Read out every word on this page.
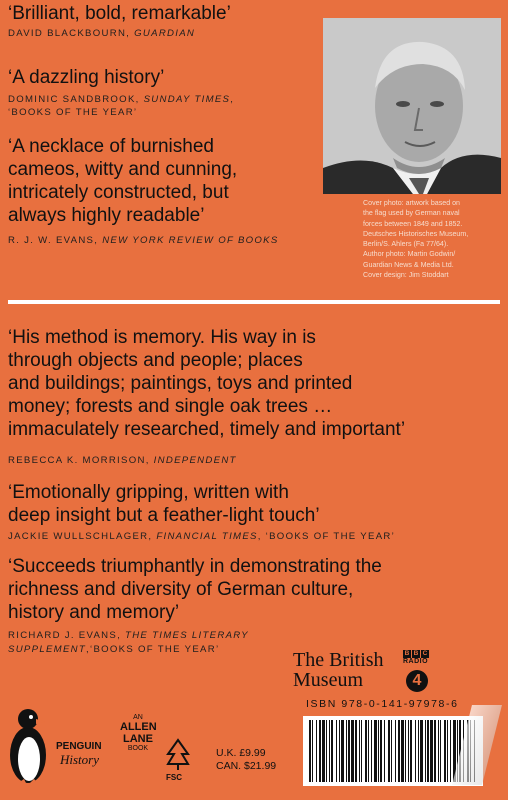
‘Brilliant, bold, remarkable’
DAVID BLACKBOURN, GUARDIAN
‘A dazzling history’
DOMINIC SANDBROOK, SUNDAY TIMES,
‘BOOKS OF THE YEAR’
‘A necklace of burnished
cameos, witty and cunning,
intricately constructed, but
always highly readable’
R. J. W. EVANS, NEW YORK REVIEW OF BOOKS
Cover photo: artwork based on
the flag used by German naval
forces between 1849 and 1852.
Deutsches Historisches Museum,
Berlin/S. Ahlers (Fa 77/64).
Author photo: Martin Godwin/
Guardian News & Media Ltd.
Cover design: Jim Stoddart
‘His method is memory. His way in is
through objects and people; places
and buildings; paintings, toys and printed
money; forests and single oak trees …
immaculately researched, timely and important’
REBECCA K. MORRISON, INDEPENDENT
‘Emotionally gripping, written with
deep insight but a feather-light touch’
JACKIE WULLSCHLAGER, FINANCIAL TIMES, ‘BOOKS OF THE YEAR’
‘Succeeds triumphantly in demonstrating the
richness and diversity of German culture,
history and memory’
RICHARD J. EVANS, THE TIMES LITERARY
SUPPLEMENT,‘BOOKS OF THE YEAR’	The British
Museum
B B C
RADIO
4
ISBN 978-0-141-97978-6
PENGUIN
History
AN
ALLEN
LANE
BOOK
FSC
U.K. £9.99
CAN. $21.99
